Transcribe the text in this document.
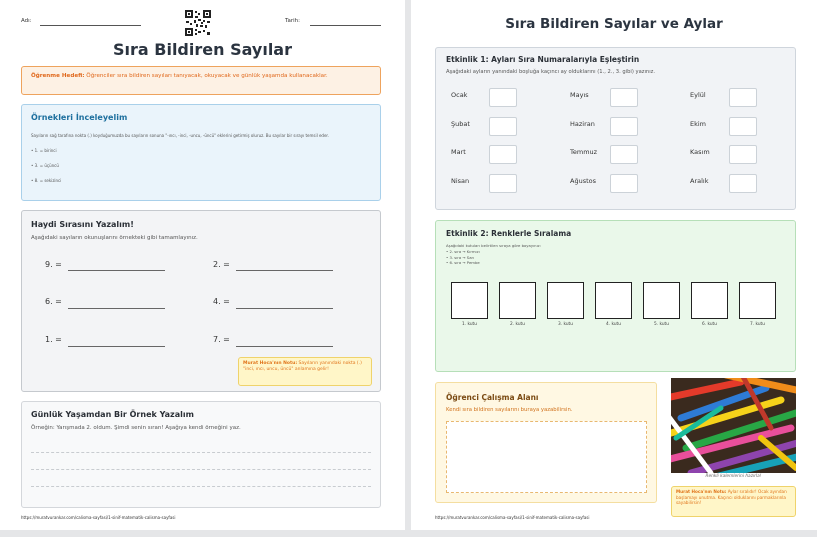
Adı:	Tarih:
Sıra Bildiren Sayılar
Öğrenme Hedefi: Öğrenciler sıra bildiren sayıları tanıyacak, okuyacak ve günlük yaşamda kullanacaklar.
Örnekleri İnceleyelim
Sayıların sağ tarafına nokta (.) koyduğumuzda bu sayıların sonuna "-ıncı, -inci, -uncu, -üncü" eklerini getirmiş oluruz. Bu sayılar bir sırayı temsil eder.
• 1. = birinci
• 3. = üçüncü
• 8. = sekizinci
Haydi Sırasını Yazalım!
Aşağıdaki sayıların okunuşlarını örnekteki gibi tamamlayınız.
9. =	2. =
6. =	4. =
1. =	7. =
Murat Hoca'nın Notu: Sayıların yanındaki nokta (.) "inci, ıncı, uncu, üncü" anlamına gelir!
Günlük Yaşamdan Bir Örnek Yazalım
Örneğin: Yarışmada 2. oldum. Şimdi senin sıran! Aşağıya kendi örneğini yaz.
https://muratvurankar.com/calisma-sayfasi/1-sinif-matematik-calisma-sayfasi
Sıra Bildiren Sayılar ve Aylar
Etkinlik 1: Ayları Sıra Numaralarıyla Eşleştirin
Aşağıdaki ayların yanındaki boşluğa kaçıncı ay olduklarını (1., 2., 3. gibi) yazınız.
Ocak	Mayıs	Eylül
Şubat	Haziran	Ekim
Mart	Temmuz	Kasım
Nisan	Ağustos	Aralık
Etkinlik 2: Renklerle Sıralama
Aşağıdaki kutuları belirtilen sıraya göre boyayınız:
• 2. sıra → Kırmızı
• 3. sıra → Sarı
• 6. sıra → Pembe
1. kutu	2. kutu	3. kutu	4. kutu	5. kutu	6. kutu	7. kutu
Öğrenci Çalışma Alanı
Kendi sıra bildiren sayılarını buraya yazabilirsin.
Renkli kalemlerini hazırla!
Murat Hoca'nın Notu: Aylar sıralıdır! Ocak ayından başlamayı unutma. Kaçıncı olduklarını parmaklarınla sayabilirsin!
https://muratvurankar.com/calisma-sayfasi/1-sinif-matematik-calisma-sayfasi
